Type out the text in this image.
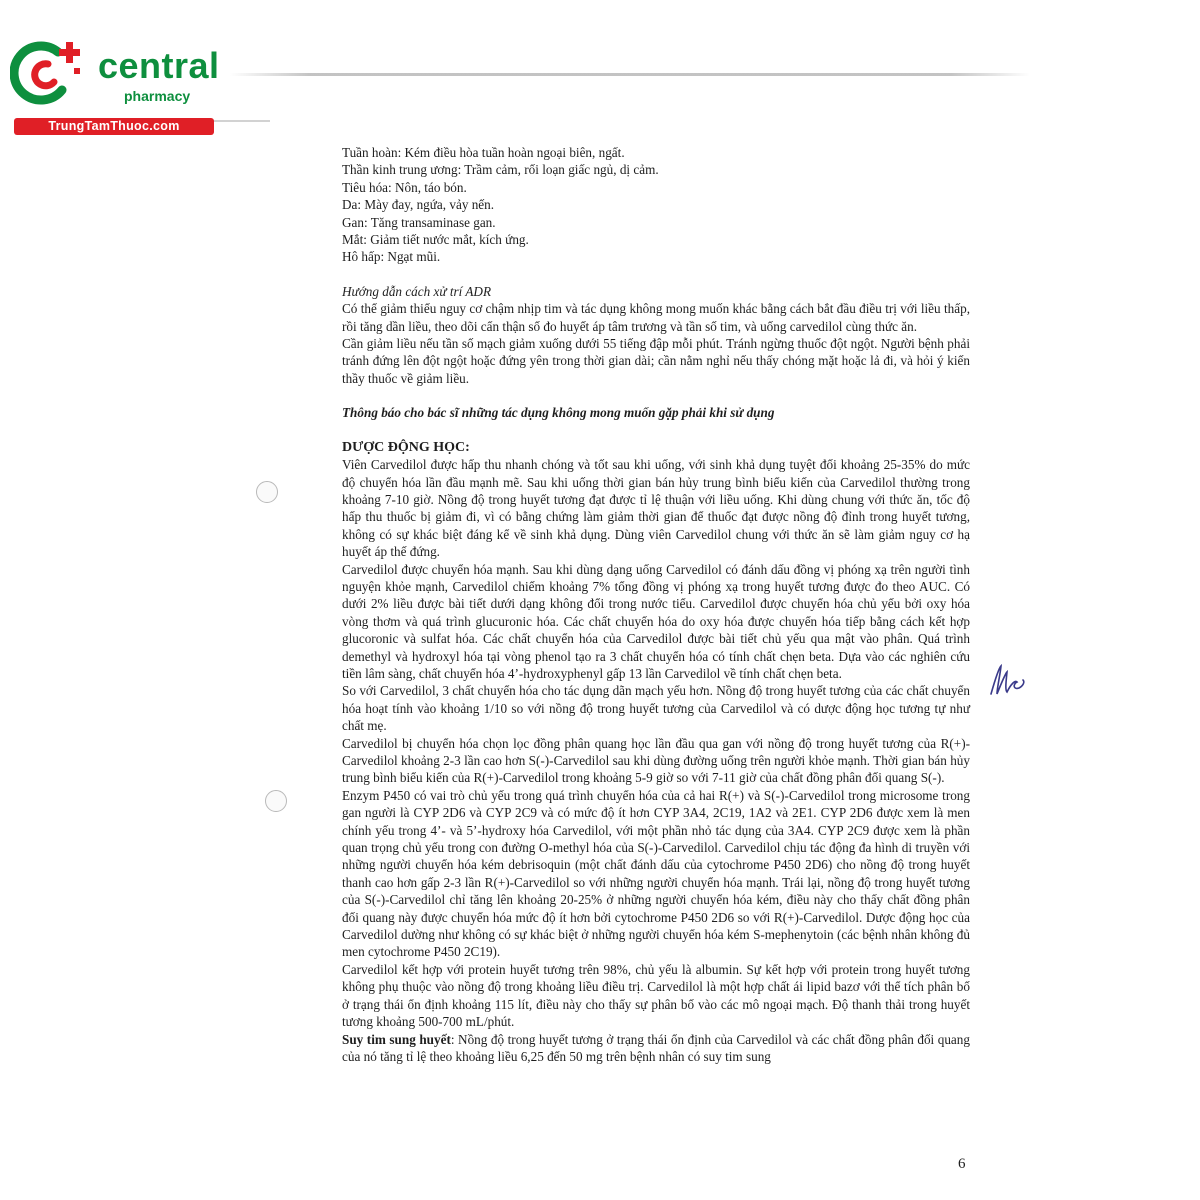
central
pharmacy
TrungTamThuoc.com

Tuần hoàn: Kém điều hòa tuần hoàn ngoại biên, ngất.

Thần kinh trung ương: Trầm cảm, rối loạn giấc ngủ, dị cảm.

Tiêu hóa: Nôn, táo bón.

Da: Mày đay, ngứa, vảy nến.

Gan: Tăng transaminase gan.

Mắt: Giảm tiết nước mắt, kích ứng.

Hô hấp: Ngạt mũi.

Hướng dẫn cách xử trí ADR

Có thể giảm thiểu nguy cơ chậm nhịp tim và tác dụng không mong muốn khác bằng cách bắt đầu điều trị với liều thấp, rồi tăng dần liều, theo dõi cẩn thận số đo huyết áp tâm trương và tần số tim, và uống carvedilol cùng thức ăn.

Cần giảm liều nếu tần số mạch giảm xuống dưới 55 tiếng đập mỗi phút. Tránh ngừng thuốc đột ngột. Người bệnh phải tránh đứng lên đột ngột hoặc đứng yên trong thời gian dài; cần nằm nghỉ nếu thấy chóng mặt hoặc lả đi, và hỏi ý kiến thầy thuốc về giảm liều.

Thông báo cho bác sĩ những tác dụng không mong muốn gặp phải khi sử dụng

DƯỢC ĐỘNG HỌC:

Viên Carvedilol được hấp thu nhanh chóng và tốt sau khi uống, với sinh khả dụng tuyệt đối khoảng 25-35% do mức độ chuyển hóa lần đầu mạnh mẽ. Sau khi uống thời gian bán hủy trung bình biểu kiến của Carvedilol thường trong khoảng 7-10 giờ. Nồng độ trong huyết tương đạt được tỉ lệ thuận với liều uống. Khi dùng chung với thức ăn, tốc độ hấp thu thuốc bị giảm đi, vì có bằng chứng làm giảm thời gian để thuốc đạt được nồng độ đỉnh trong huyết tương, không có sự khác biệt đáng kể về sinh khả dụng. Dùng viên Carvedilol chung với thức ăn sẽ làm giảm nguy cơ hạ huyết áp thế đứng.

Carvedilol được chuyển hóa mạnh. Sau khi dùng dạng uống Carvedilol có đánh dấu đồng vị phóng xạ trên người tình nguyện khỏe mạnh, Carvedilol chiếm khoảng 7% tổng đồng vị phóng xạ trong huyết tương được đo theo AUC. Có dưới 2% liều được bài tiết dưới dạng không đổi trong nước tiểu. Carvedilol được chuyển hóa chủ yếu bởi oxy hóa vòng thơm và quá trình glucuronic hóa. Các chất chuyển hóa do oxy hóa được chuyển hóa tiếp bằng cách kết hợp glucoronic và sulfat hóa. Các chất chuyển hóa của Carvedilol được bài tiết chủ yếu qua mật vào phân. Quá trình demethyl và hydroxyl hóa tại vòng phenol tạo ra 3 chất chuyển hóa có tính chất chẹn beta. Dựa vào các nghiên cứu tiền lâm sàng, chất chuyển hóa 4’-hydroxyphenyl gấp 13 lần Carvedilol về tính chất chẹn beta.

So với Carvedilol, 3 chất chuyển hóa cho tác dụng dãn mạch yếu hơn. Nồng độ trong huyết tương của các chất chuyển hóa hoạt tính vào khoảng 1/10 so với nồng độ trong huyết tương của Carvedilol và có dược động học tương tự như chất mẹ.

Carvedilol bị chuyển hóa chọn lọc đồng phân quang học lần đầu qua gan với nồng độ trong huyết tương của R(+)-Carvedilol khoảng 2-3 lần cao hơn S(-)-Carvedilol sau khi dùng đường uống trên người khỏe mạnh. Thời gian bán hủy trung bình biểu kiến của R(+)-Carvedilol trong khoảng 5-9 giờ so với 7-11 giờ của chất đồng phân đối quang S(-).

Enzym P450 có vai trò chủ yếu trong quá trình chuyển hóa của cả hai R(+) và S(-)-Carvedilol trong microsome trong gan người là CYP 2D6 và CYP 2C9 và có mức độ ít hơn CYP 3A4, 2C19, 1A2 và 2E1. CYP 2D6 được xem là men chính yếu trong 4’- và 5’-hydroxy hóa Carvedilol, với một phần nhỏ tác dụng của 3A4. CYP 2C9 được xem là phần quan trọng chủ yếu trong con đường O-methyl hóa của S(-)-Carvedilol. Carvedilol chịu tác động đa hình di truyền với những người chuyển hóa kém debrisoquin (một chất đánh dấu của cytochrome P450 2D6) cho nồng độ trong huyết thanh cao hơn gấp 2-3 lần R(+)-Carvedilol so với những người chuyển hóa mạnh. Trái lại, nồng độ trong huyết tương của S(-)-Carvedilol chỉ tăng lên khoảng 20-25% ở những người chuyển hóa kém, điều này cho thấy chất đồng phân đối quang này được chuyển hóa mức độ ít hơn bởi cytochrome P450 2D6 so với R(+)-Carvedilol. Dược động học của Carvedilol dường như không có sự khác biệt ở những người chuyển hóa kém S-mephenytoin (các bệnh nhân không đủ men cytochrome P450 2C19).

Carvedilol kết hợp với protein huyết tương trên 98%, chủ yếu là albumin. Sự kết hợp với protein trong huyết tương không phụ thuộc vào nồng độ trong khoảng liều điều trị. Carvedilol là một hợp chất ái lipid bazơ với thể tích phân bố ở trạng thái ổn định khoảng 115 lít, điều này cho thấy sự phân bố vào các mô ngoại mạch. Độ thanh thải trong huyết tương khoảng 500-700 mL/phút.

Suy tim sung huyết: Nồng độ trong huyết tương ở trạng thái ổn định của Carvedilol và các chất đồng phân đối quang của nó tăng tỉ lệ theo khoảng liều 6,25 đến 50 mg trên bệnh nhân có suy tim sung

6
